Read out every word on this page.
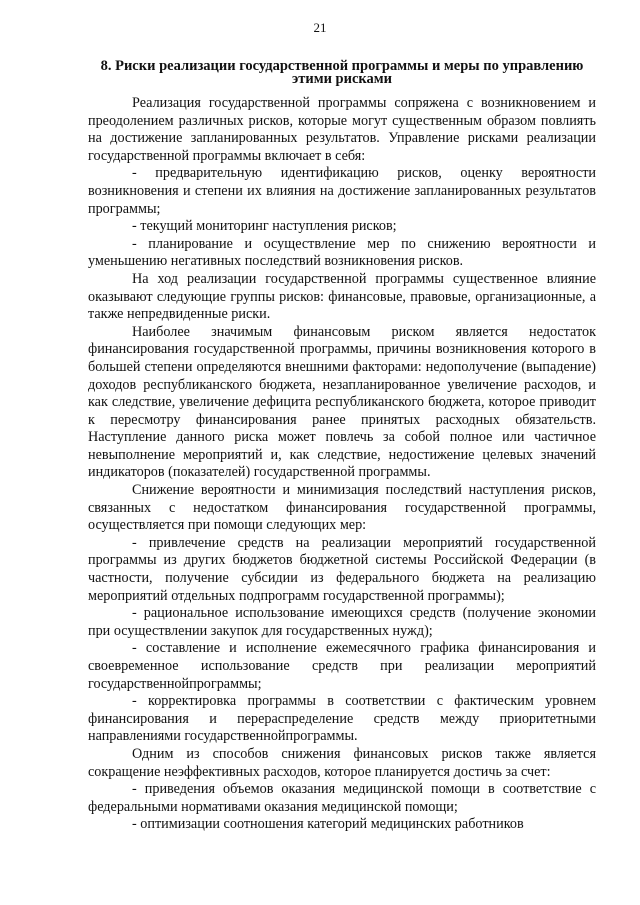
21
8. Риски реализации государственной программы и меры по управлению этими рисками

Реализация государственной программы сопряжена с возникновением и преодолением различных рисков, которые могут существенным образом повлиять на достижение запланированных результатов. Управление рисками реализации государственной программы включает в себя:

- предварительную идентификацию рисков, оценку вероятности возникновения и степени их влияния на достижение запланированных результатов программы;

- текущий мониторинг наступления рисков;

- планирование и осуществление мер по снижению вероятности и уменьшению негативных последствий возникновения рисков.

На ход реализации государственной программы существенное влияние оказывают следующие группы рисков: финансовые, правовые, организационные, а также непредвиденные риски.

Наиболее значимым финансовым риском является недостаток финансирования государственной программы, причины возникновения которого в большей степени определяются внешними факторами: недополучение (выпадение) доходов республиканского бюджета, незапланированное увеличение расходов, и как следствие, увеличение дефицита республиканского бюджета, которое приводит к пересмотру финансирования ранее принятых расходных обязательств. Наступление данного риска может повлечь за собой полное или частичное невыполнение мероприятий и, как следствие, недостижение целевых значений индикаторов (показателей) государственной программы.

Снижение вероятности и минимизация последствий наступления рисков, связанных с недостатком финансирования государственной программы, осуществляется при помощи следующих мер:

- привлечение средств на реализации мероприятий государственной программы из других бюджетов бюджетной системы Российской Федерации (в частности, получение субсидии из федерального бюджета на реализацию мероприятий отдельных подпрограмм государственной программы);

- рациональное использование имеющихся средств (получение экономии при осуществлении закупок для государственных нужд);

- составление и исполнение ежемесячного графика финансирования и своевременное использование средств при реализации мероприятий государственнойпрограммы;

- корректировка программы в соответствии с фактическим уровнем финансирования и перераспределение средств между приоритетными направлениями государственнойпрограммы.

Одним из способов снижения финансовых рисков также является сокращение неэффективных расходов, которое планируется достичь за счет:

- приведения объемов оказания медицинской помощи в соответствие с федеральными нормативами оказания медицинской помощи;

- оптимизации соотношения категорий медицинских работников
